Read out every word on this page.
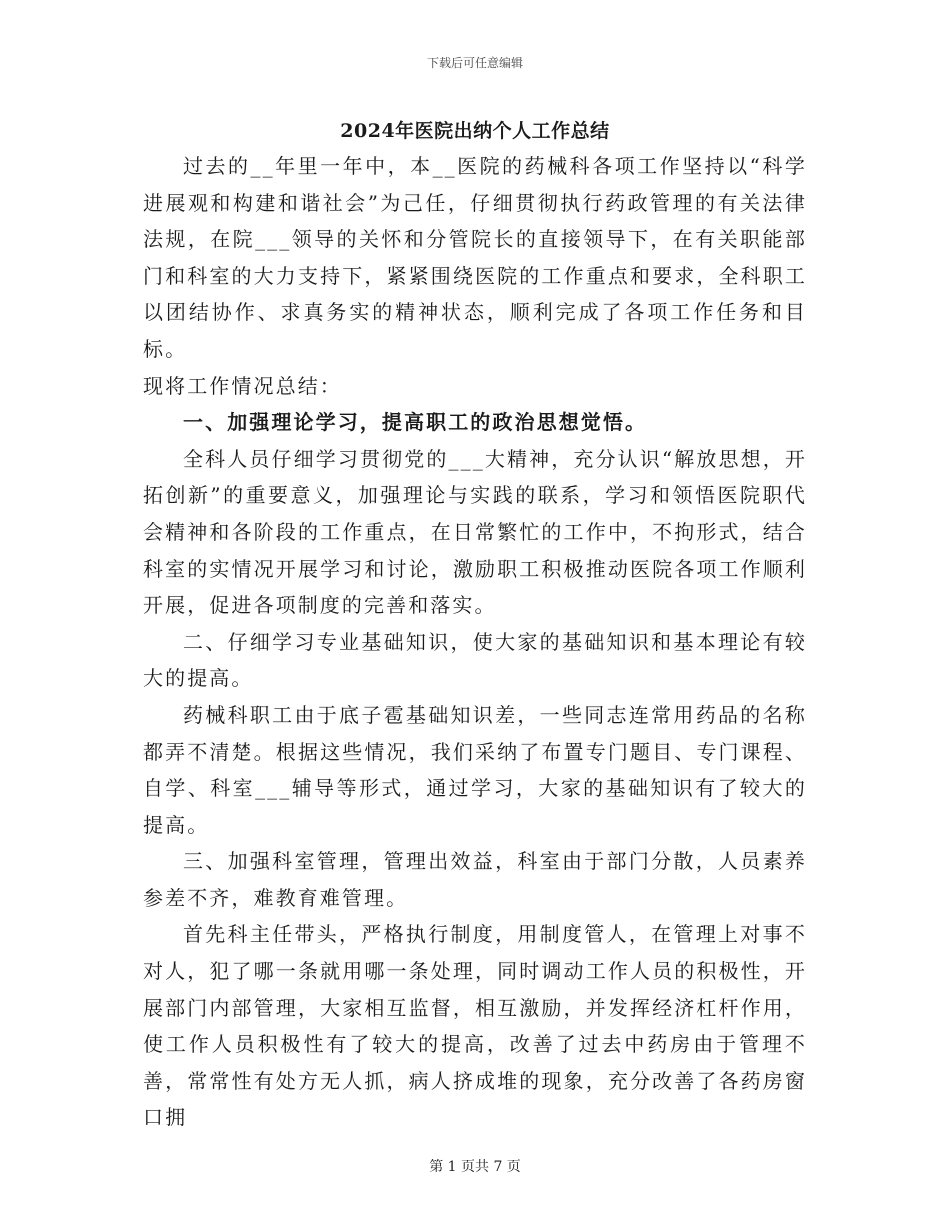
下载后可任意编辑
2024年医院出纳个人工作总结

过去的__年里一年中，本__医院的药械科各项工作坚持以“科学进展观和构建和谐社会”为己任，仔细贯彻执行药政管理的有关法律法规，在院___领导的关怀和分管院长的直接领导下，在有关职能部门和科室的大力支持下，紧紧围绕医院的工作重点和要求，全科职工以团结协作、求真务实的精神状态，顺利完成了各项工作任务和目标。

现将工作情况总结：

一、加强理论学习，提高职工的政治思想觉悟。

全科人员仔细学习贯彻党的___大精神，充分认识“解放思想，开拓创新”的重要意义，加强理论与实践的联系，学习和领悟医院职代会精神和各阶段的工作重点，在日常繁忙的工作中，不拘形式，结合科室的实情况开展学习和讨论，激励职工积极推动医院各项工作顺利开展，促进各项制度的完善和落实。

二、仔细学习专业基础知识，使大家的基础知识和基本理论有较大的提高。

药械科职工由于底子雹基础知识差，一些同志连常用药品的名称都弄不清楚。根据这些情况，我们采纳了布置专门题目、专门课程、自学、科室___辅导等形式，通过学习，大家的基础知识有了较大的提高。

三、加强科室管理，管理出效益，科室由于部门分散，人员素养参差不齐，难教育难管理。

首先科主任带头，严格执行制度，用制度管人，在管理上对事不对人，犯了哪一条就用哪一条处理，同时调动工作人员的积极性，开展部门内部管理，大家相互监督，相互激励，并发挥经济杠杆作用，使工作人员积极性有了较大的提高，改善了过去中药房由于管理不善，常常性有处方无人抓，病人挤成堆的现象，充分改善了各药房窗口拥

第 1 页共 7 页
